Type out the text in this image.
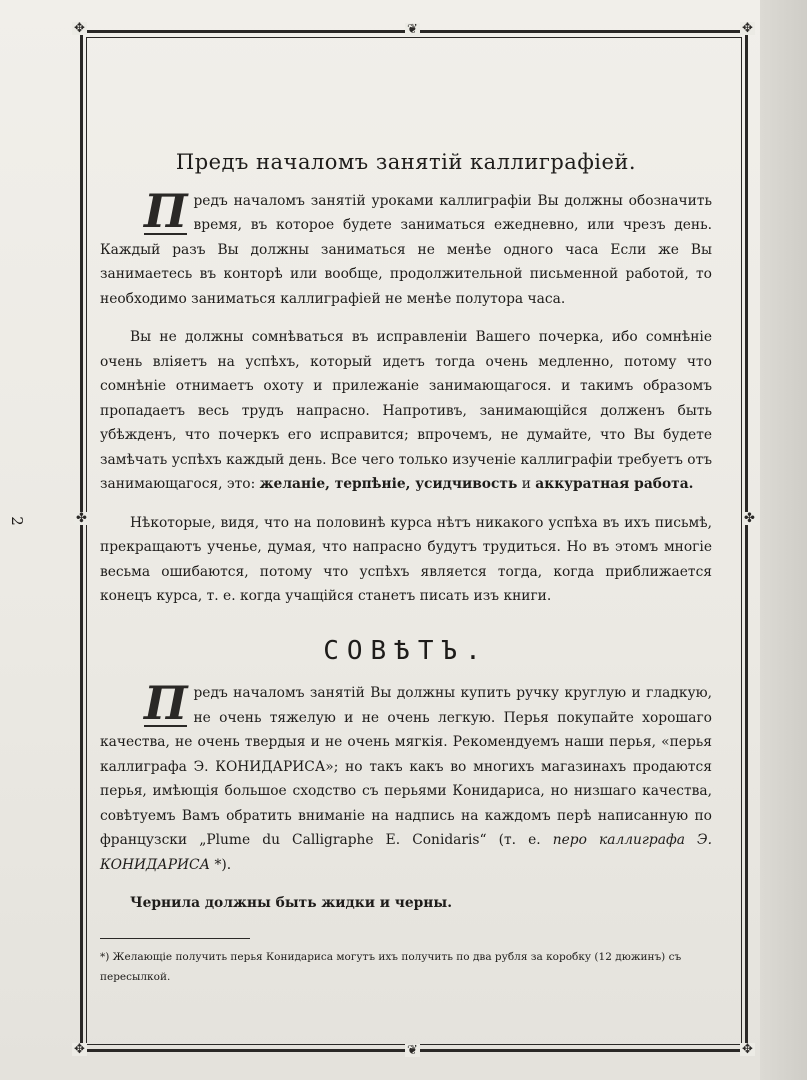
2
✥	✥
✥	✥
❦
❦
✤	✤
Предъ началомъ занятій каллиграфіей.

П редъ началомъ занятій уроками каллиграфіи Вы должны обозначить время, въ которое будете заниматься ежедневно, или чрезъ день. Каждый разъ Вы должны заниматься не менѣе одного часа Если же Вы занимаетесь въ конторѣ или вообще, продолжительной письменной работой, то необходимо заниматься каллиграфіей не менѣе полутора часа.

Вы не должны сомнѣваться въ исправленіи Вашего почерка, ибо сомнѣніе очень вліяетъ на успѣхъ, который идетъ тогда очень медленно, потому что сомнѣніе отнимаетъ охоту и прилежаніе занимающагося. и такимъ образомъ пропадаетъ весь трудъ напрасно. Напротивъ, занимающійся долженъ быть убѣжденъ, что почеркъ его исправится; впрочемъ, не думайте, что Вы будете замѣчать успѣхъ каждый день. Все чего только изученіе каллиграфіи требуетъ отъ занимающагося, это: желаніе, терпѣніе, усидчивость и аккуратная работа.

Нѣкоторые, видя, что на половинѣ курса нѣтъ никакого успѣха въ ихъ письмѣ, прекращаютъ ученье, думая, что напрасно будутъ трудиться. Но въ этомъ многіе весьма ошибаются, потому что успѣхъ является тогда, когда приближается конецъ курса, т. е. когда учащійся станетъ писать изъ книги.

СОВѢТЪ.

П редъ началомъ занятій Вы должны купить ручку круглую и гладкую, не очень тяжелую и не очень легкую. Перья покупайте хорошаго качества, не очень твердыя и не очень мягкія. Рекомендуемъ наши перья, «перья каллиграфа Э. КОНИДАРИСА»; но такъ какъ во многихъ магазинахъ продаются перья, имѣющія большое сходство съ перьями Конидариса, но низшаго качества, совѣтуемъ Вамъ обратить вниманіе на надпись на каждомъ перѣ написанную по французски „Plume du Calligraphe E. Conidaris“ (т. е. перо каллиграфа Э. КОНИДАРИСА *).

Чернила должны быть жидки и черны.
*) Желающіе получить перья Конидариса могутъ ихъ получить по два рубля за коробку (12 дюжинъ) съ пересылкой.
